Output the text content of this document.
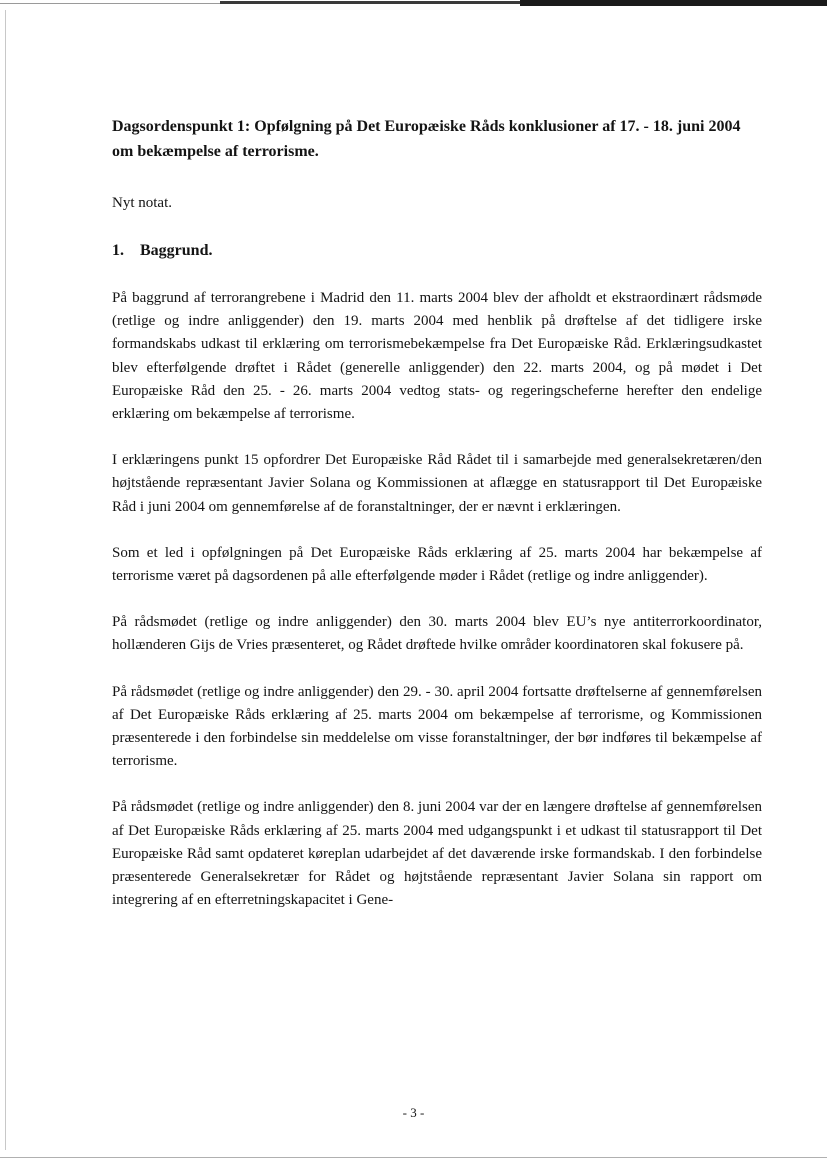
Dagsordenspunkt 1: Opfølgning på Det Europæiske Råds konklusioner af 17. - 18. juni 2004 om bekæmpelse af terrorisme.
Nyt notat.
1. Baggrund.

På baggrund af terrorangrebene i Madrid den 11. marts 2004 blev der afholdt et ekstraordinært rådsmøde (retlige og indre anliggender) den 19. marts 2004 med henblik på drøftelse af det tidligere irske formandskabs udkast til erklæring om terrorismebekæmpelse fra Det Europæiske Råd. Erklæringsudkastet blev efterfølgende drøftet i Rådet (generelle anliggender) den 22. marts 2004, og på mødet i Det Europæiske Råd den 25. - 26. marts 2004 vedtog stats- og regeringscheferne herefter den endelige erklæring om bekæmpelse af terrorisme.

I erklæringens punkt 15 opfordrer Det Europæiske Råd Rådet til i samarbejde med generalsekretæren/den højtstående repræsentant Javier Solana og Kommissionen at aflægge en statusrapport til Det Europæiske Råd i juni 2004 om gennemførelse af de foranstaltninger, der er nævnt i erklæringen.

Som et led i opfølgningen på Det Europæiske Råds erklæring af 25. marts 2004 har bekæmpelse af terrorisme været på dagsordenen på alle efterfølgende møder i Rådet (retlige og indre anliggender).

På rådsmødet (retlige og indre anliggender) den 30. marts 2004 blev EU’s nye antiterrorkoordinator, hollænderen Gijs de Vries præsenteret, og Rådet drøftede hvilke områder koordinatoren skal fokusere på.

På rådsmødet (retlige og indre anliggender) den 29. - 30. april 2004 fortsatte drøftelserne af gennemførelsen af Det Europæiske Råds erklæring af 25. marts 2004 om bekæmpelse af terrorisme, og Kommissionen præsenterede i den forbindelse sin meddelelse om visse foranstaltninger, der bør indføres til bekæmpelse af terrorisme.

På rådsmødet (retlige og indre anliggender) den 8. juni 2004 var der en længere drøftelse af gennemførelsen af Det Europæiske Råds erklæring af 25. marts 2004 med udgangspunkt i et udkast til statusrapport til Det Europæiske Råd samt opdateret køreplan udarbejdet af det daværende irske formandskab. I den forbindelse præsenterede Generalsekretær for Rådet og højtstående repræsentant Javier Solana sin rapport om integrering af en efterretningskapacitet i Gene-

- 3 -
